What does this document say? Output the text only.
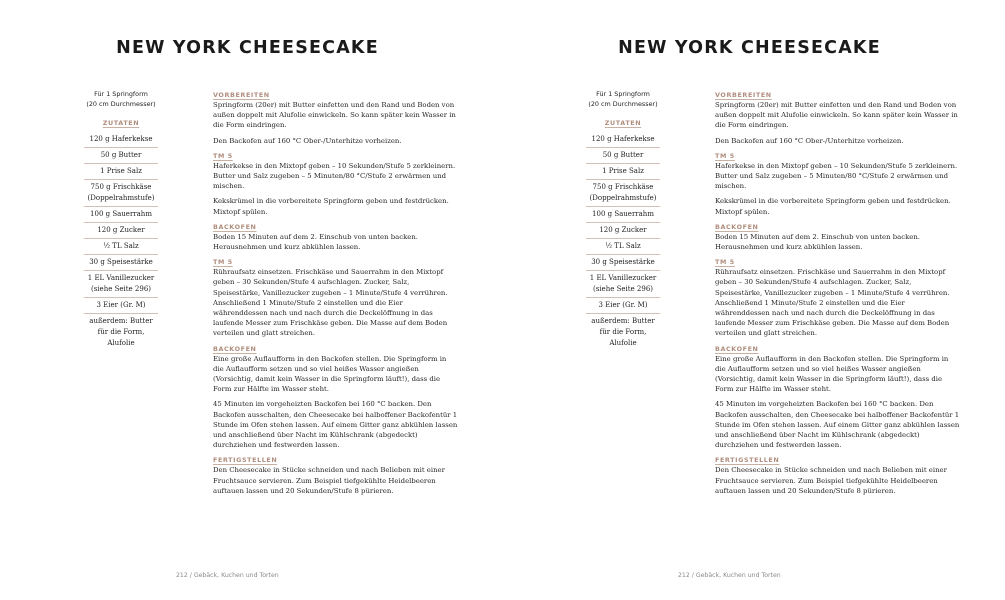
NEW YORK CHEESECAKE
Für 1 Springform
(20 cm Durchmesser)
ZUTATEN
120 g Haferkekse
50 g Butter
1 Prise Salz
750 g Frischkäse (Doppelrahmstufe)
100 g Sauerrahm
120 g Zucker
½ TL Salz
30 g Speisestärke
1 EL Vanillezucker (siehe Seite 296)
3 Eier (Gr. M)
außerdem: Butter für die Form, Alufolie
VORBEREITEN

Springform (20er) mit Butter einfetten und den Rand und Boden von außen doppelt mit Alufolie einwickeln. So kann später kein Wasser in die Form eindringen.

Den Backofen auf 160 °C Ober-/Unterhitze vorheizen.

TM 5

Haferkekse in den Mixtopf geben – 10 Sekunden/Stufe 5 zerkleinern. Butter und Salz zugeben – 5 Minuten/80 °C/Stufe 2 erwärmen und mischen.

Kekskrümel in die vorbereitete Springform geben und festdrücken. Mixtopf spülen.

BACKOFEN

Boden 15 Minuten auf dem 2. Einschub von unten backen. Herausnehmen und kurz abkühlen lassen.

TM 5

Rühraufsatz einsetzen. Frischkäse und Sauerrahm in den Mixtopf geben – 30 Sekunden/Stufe 4 aufschlagen. Zucker, Salz, Speisestärke, Vanillezucker zugeben – 1 Minute/Stufe 4 verrühren. Anschließend 1 Minute/Stufe 2 einstellen und die Eier währenddessen nach und nach durch die Deckelöffnung in das laufende Messer zum Frischkäse geben. Die Masse auf dem Boden verteilen und glatt streichen.

BACKOFEN

Eine große Auflaufform in den Backofen stellen. Die Springform in die Auflaufform setzen und so viel heißes Wasser angießen (Vorsichtig, damit kein Wasser in die Springform läuft!), dass die Form zur Hälfte im Wasser steht.

45 Minuten im vorgeheizten Backofen bei 160 °C backen. Den Backofen ausschalten, den Cheesecake bei halboffener Backofentür 1 Stunde im Ofen stehen lassen. Auf einem Gitter ganz abkühlen lassen und anschließend über Nacht im Kühlschrank (abgedeckt) durchziehen und festwerden lassen.

FERTIGSTELLEN

Den Cheesecake in Stücke schneiden und nach Belieben mit einer Fruchtsauce servieren. Zum Beispiel tiefgekühlte Heidelbeeren auftauen lassen und 20 Sekunden/Stufe 8 pürieren.

212 / Gebäck, Kuchen und Torten
NEW YORK CHEESECAKE
Für 1 Springform
(20 cm Durchmesser)
ZUTATEN
120 g Haferkekse
50 g Butter
1 Prise Salz
750 g Frischkäse (Doppelrahmstufe)
100 g Sauerrahm
120 g Zucker
½ TL Salz
30 g Speisestärke
1 EL Vanillezucker (siehe Seite 296)
3 Eier (Gr. M)
außerdem: Butter für die Form, Alufolie
VORBEREITEN

Springform (20er) mit Butter einfetten und den Rand und Boden von außen doppelt mit Alufolie einwickeln. So kann später kein Wasser in die Form eindringen.

Den Backofen auf 160 °C Ober-/Unterhitze vorheizen.

TM 5

Haferkekse in den Mixtopf geben – 10 Sekunden/Stufe 5 zerkleinern. Butter und Salz zugeben – 5 Minuten/80 °C/Stufe 2 erwärmen und mischen.

Kekskrümel in die vorbereitete Springform geben und festdrücken. Mixtopf spülen.

BACKOFEN

Boden 15 Minuten auf dem 2. Einschub von unten backen. Herausnehmen und kurz abkühlen lassen.

TM 5

Rühraufsatz einsetzen. Frischkäse und Sauerrahm in den Mixtopf geben – 30 Sekunden/Stufe 4 aufschlagen. Zucker, Salz, Speisestärke, Vanillezucker zugeben – 1 Minute/Stufe 4 verrühren. Anschließend 1 Minute/Stufe 2 einstellen und die Eier währenddessen nach und nach durch die Deckelöffnung in das laufende Messer zum Frischkäse geben. Die Masse auf dem Boden verteilen und glatt streichen.

BACKOFEN

Eine große Auflaufform in den Backofen stellen. Die Springform in die Auflaufform setzen und so viel heißes Wasser angießen (Vorsichtig, damit kein Wasser in die Springform läuft!), dass die Form zur Hälfte im Wasser steht.

45 Minuten im vorgeheizten Backofen bei 160 °C backen. Den Backofen ausschalten, den Cheesecake bei halboffener Backofentür 1 Stunde im Ofen stehen lassen. Auf einem Gitter ganz abkühlen lassen und anschließend über Nacht im Kühlschrank (abgedeckt) durchziehen und festwerden lassen.

FERTIGSTELLEN

Den Cheesecake in Stücke schneiden und nach Belieben mit einer Fruchtsauce servieren. Zum Beispiel tiefgekühlte Heidelbeeren auftauen lassen und 20 Sekunden/Stufe 8 pürieren.

212 / Gebäck, Kuchen und Torten
